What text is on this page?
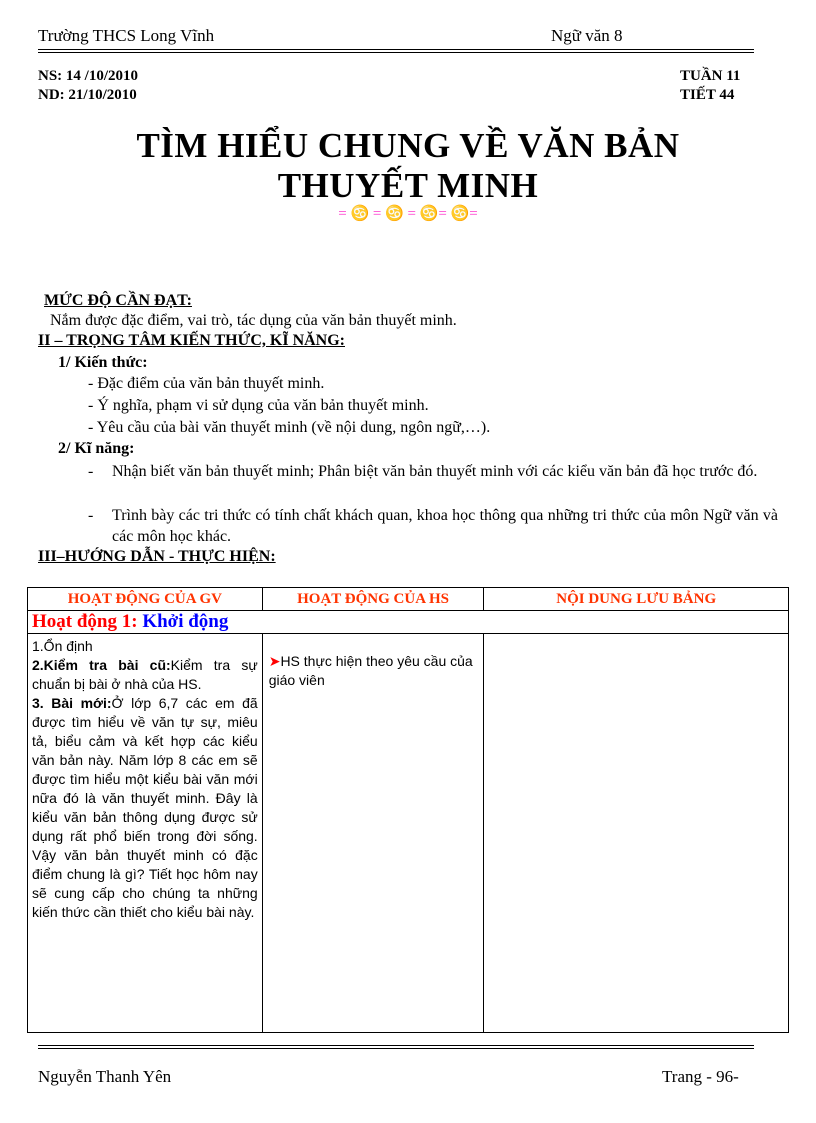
Trường THCS Long Vĩnh	Ngữ văn 8
NS: 14 /10/2010
ND: 21/10/2010
TUẦN 11
TIẾT 44
TÌM HIỂU CHUNG VỀ VĂN BẢN
THUYẾT MINH
= ♋ = ♋ = ♋= ♋=
MỨC ĐỘ CẦN ĐẠT:
Nắm được đặc điểm, vai trò, tác dụng của văn bản thuyết minh.
II – TRỌNG TÂM KIẾN THỨC, KĨ NĂNG:
1/ Kiến thức:
- Đặc điểm của văn bản thuyết minh.
- Ý nghĩa, phạm vi sử dụng của văn bản thuyết minh.
- Yêu cầu của bài văn thuyết minh (về nội dung, ngôn ngữ,…).
2/ Kĩ năng:
- Nhận biết văn bản thuyết minh; Phân biệt văn bản thuyết minh với các kiểu văn bản đã học trước đó.
- Trình bày các tri thức có tính chất khách quan, khoa học thông qua những tri thức của môn Ngữ văn và các môn học khác.
III–HƯỚNG DẪN - THỰC HIỆN:
HOẠT ĐỘNG CỦA GV	HOẠT ĐỘNG CỦA HS	NỘI DUNG LƯU BẢNG
Hoạt động 1: Khởi động		

1.Ổn định

2.Kiểm tra bài cũ:Kiểm tra sự chuẩn bị bài ở nhà của HS.

3. Bài mới:Ở lớp 6,7 các em đã được tìm hiểu về văn tự sự, miêu tả, biểu cảm và kết hợp các kiểu văn bản này. Năm lớp 8 các em sẽ được tìm hiểu một kiểu bài văn mới nữa đó là văn thuyết minh. Đây là kiểu văn bản thông dụng được sử dụng rất phổ biến trong đời sống. Vậy văn bản thuyết minh có đặc điểm chung là gì? Tiết học hôm nay sẽ cung cấp cho chúng ta những kiến thức cần thiết cho kiểu bài này.	➤HS thực hiện theo yêu cầu của giáo viên	
Nguyễn Thanh Yên	Trang - 96-
